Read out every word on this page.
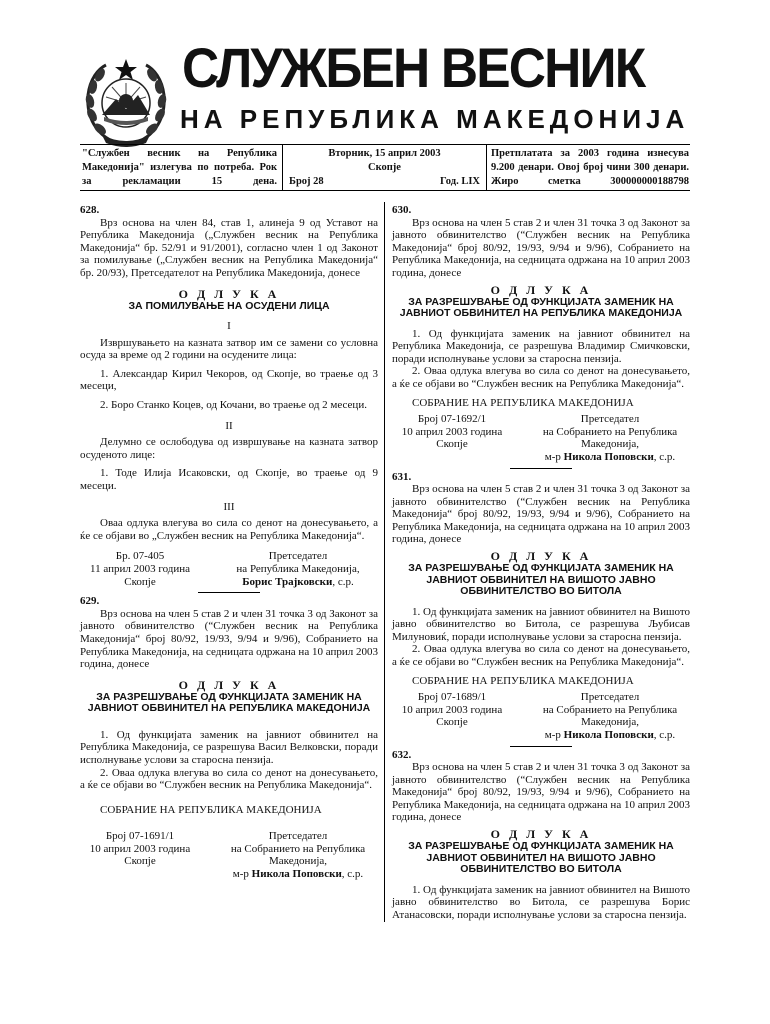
СЛУЖБЕН ВЕСНИК
НА РЕПУБЛИКА МАКЕДОНИЈА
"Службен весник на Република Македонија" излегува по потреба. Рок за рекламации 15 дена.
Вторник, 15 април 2003
Скопје
Број 28	Год. LIX
Претплатата за 2003 година изнесува 9.200 денари. Овој број чини 300 денари. Жиро сметка 300000000188798

628.

Врз основа на член 84, став 1, алинеја 9 од Уставот на Република Македонија („Службен весник на Република Македонија“ бр. 52/91 и 91/2001), согласно член 1 од Законот за помилување („Службен весник на Република Македонија“ бр. 20/93), Претседателот на Република Македонија, донесе

О Д Л У К А

ЗА ПОМИЛУВАЊЕ НА ОСУДЕНИ ЛИЦА

I

Извршувањето на казната затвор им се замени со условна осуда за време од 2 години на осудените лица:

1. Александар Кирил Чекоров, од Скопје, во траење од 3 месеци,

2. Боро Станко Коцев, од Кочани, во траење од 2 месеци.

II

Делумно се ослободува од извршување на казната затвор осуденото лице:

1. Тоде Илија Исаковски, од Скопје, во траење од 9 месеци.

III

Оваа одлука влегува во сила со денот на донесувањето, а ќе се објави во „Службен весник на Република Македонија“.

Бр. 07-405
11 април 2003 година
Скопје
Претседател
на Република Македонија,
Борис Трајковски, с.р.

629.

Врз основа на член 5 став 2 и член 31 точка 3 од Законот за јавното обвинителство (“Службен весник на Република Македонија“ број 80/92, 19/93, 9/94 и 9/96), Собранието на Република Македонија, на седницата одржана на 10 април 2003 година, донесе

О Д Л У К А

ЗА РАЗРЕШУВАЊЕ ОД ФУНКЦИЈАТА ЗАМЕНИК НА ЈАВНИОТ ОБВИНИТЕЛ НА РЕПУБЛИКА МАКЕДОНИЈА

1. Од функцијата заменик на јавниот обвинител на Република Македонија, се разрешува Васил Велковски, поради исполнување услови за старосна пензија.

2. Оваа одлука влегува во сила со денот на донесувањето, а ќе се објави во “Службен весник на Република Македонија“.

СОБРАНИЕ НА РЕПУБЛИКА МАКЕДОНИЈА

Број 07-1691/1
10 април 2003 година
Скопје
Претседател
на Собранието на Република
Македонија,
м-р Никола Поповски, с.р.

630.

Врз основа на член 5 став 2 и член 31 точка 3 од Законот за јавното обвинителство (“Службен весник на Република Македонија“ број 80/92, 19/93, 9/94 и 9/96), Собранието на Република Македонија, на седницата одржана на 10 април 2003 година, донесе

О Д Л У К А

ЗА РАЗРЕШУВАЊЕ ОД ФУНКЦИЈАТА ЗАМЕНИК НА ЈАВНИОТ ОБВИНИТЕЛ НА РЕПУБЛИКА МАКЕДОНИЈА

1. Од функцијата заменик на јавниот обвинител на Република Македонија, се разрешува Владимир Смичковски, поради исполнување услови за старосна пензија.

2. Оваа одлука влегува во сила со денот на донесувањето, а ќе се објави во “Службен весник на Република Македонија“.

СОБРАНИЕ НА РЕПУБЛИКА МАКЕДОНИЈА

Број 07-1692/1
10 април 2003 година
Скопје
Претседател
на Собранието на Република
Македонија,
м-р Никола Поповски, с.р.

631.

Врз основа на член 5 став 2 и член 31 точка 3 од Законот за јавното обвинителство (“Службен весник на Република Македонија“ број 80/92, 19/93, 9/94 и 9/96), Собранието на Република Македонија, на седницата одржана на 10 април 2003 година, донесе

О Д Л У К А

ЗА РАЗРЕШУВАЊЕ ОД ФУНКЦИЈАТА ЗАМЕНИК НА ЈАВНИОТ ОБВИНИТЕЛ НА ВИШОТО ЈАВНО ОБВИНИТЕЛСТВО ВО БИТОЛА

1. Од функцијата заменик на јавниот обвинител на Вишото јавно обвинителство во Битола, се разрешува Љубисав Милуновиќ, поради исполнување услови за старосна пензија.

2. Оваа одлука влегува во сила со денот на донесувањето, а ќе се објави во “Службен весник на Република Македонија“.

СОБРАНИЕ НА РЕПУБЛИКА МАКЕДОНИЈА

Број 07-1689/1
10 април 2003 година
Скопје
Претседател
на Собранието на Република
Македонија,
м-р Никола Поповски, с.р.

632.

Врз основа на член 5 став 2 и член 31 точка 3 од Законот за јавното обвинителство (“Службен весник на Република Македонија“ број 80/92, 19/93, 9/94 и 9/96), Собранието на Република Македонија, на седницата одржана на 10 април 2003 година, донесе

О Д Л У К А

ЗА РАЗРЕШУВАЊЕ ОД ФУНКЦИЈАТА ЗАМЕНИК НА ЈАВНИОТ ОБВИНИТЕЛ НА ВИШОТО ЈАВНО ОБВИНИТЕЛСТВО ВО БИТОЛА

1. Од функцијата заменик на јавниот обвинител на Вишото јавно обвинителство во Битола, се разрешува Борис Атанасовски, поради исполнување услови за старосна пензија.
